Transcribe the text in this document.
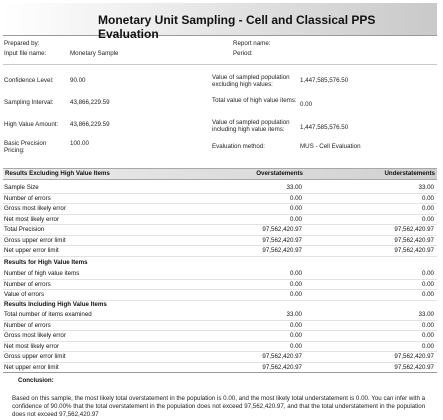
Monetary Unit Sampling - Cell and Classical PPS Evaluation
Prepared by:	Report name:
Input file name:	Monetary Sample	Period:
Confidence Level:	90.00
Sampling Interval:	43,866,229.59
High Value Amount: 43,866,229.59
Basic Precision Pricing:
100.00
Value of sampled population excluding high values:
1,447,585,576.50
Total value of high value items:
0.00
Value of sampled population including high value items:	1,447,585,576.50
Evaluation method:	MUS - Cell Evaluation
Results Excluding High Value Items	Overstatements	Understatements
Sample Size	33.00	33.00
Number of errors	0.00	0.00
Gross most likely error	0.00	0.00
Net most likely error	0.00	0.00
Total Precision	97,562,420.97	97,562,420.97
Gross upper error limit	97,562,420.97	97,562,420.97
Net upper error limit	97,562,420.97	97,562,420.97
Results for High Value Items
Number of high value items	0.00	0.00
Number of errors	0.00	0.00
Value of errors	0.00	0.00
Results Including High Value Items
Total number of items examined	33.00	33.00
Number of errors	0.00	0.00
Gross most likely error	0.00	0.00
Net most likely error	0.00	0.00
Gross upper error limit	97,562,420.97	97,562,420.97
Net upper error limit	97,562,420.97	97,562,420.97
Conclusion:
Based on this sample, the most likely total overstatement in the population is 0.00, and the most likely total understatement is 0.00. You can infer with a confidence of 90.00% that the total overstatement in the population does not exceed 97,562,420.97, and that the total understatement in the population does not exceed 97,562,420.97
